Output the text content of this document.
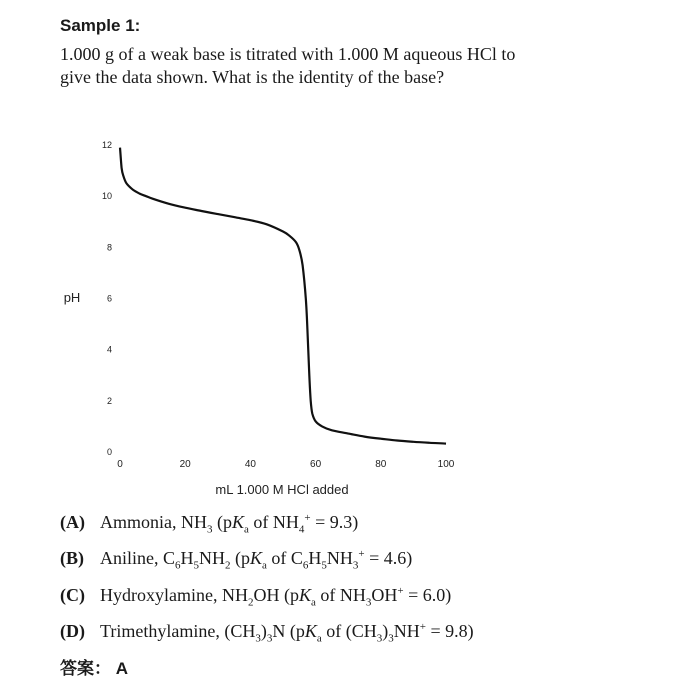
Sample 1:
1.000 g of a weak base is titrated with 1.000 M aqueous HCl to give the data shown. What is the identity of the base?
0
2
4
6
8
10
12
0	20	40	60	80	100
pH
mL 1.000 M HCl added
(A) Ammonia, $NH_3$ ($pK_a$ of $NH_4^+ = 9.3$)
(B) Aniline, $C_6H_5NH_2$ ($pK_a$ of $C_6H_5NH_3^+ = 4.6$)
(C) Hydroxylamine, $NH_2OH$ ($pK_a$ of $NH_3OH^+ = 6.0$)
(D) Trimethylamine, $(CH_3)_3N$ ($pK_a$ of $(CH_3)_3NH^+ = 9.8$)
答案： A
